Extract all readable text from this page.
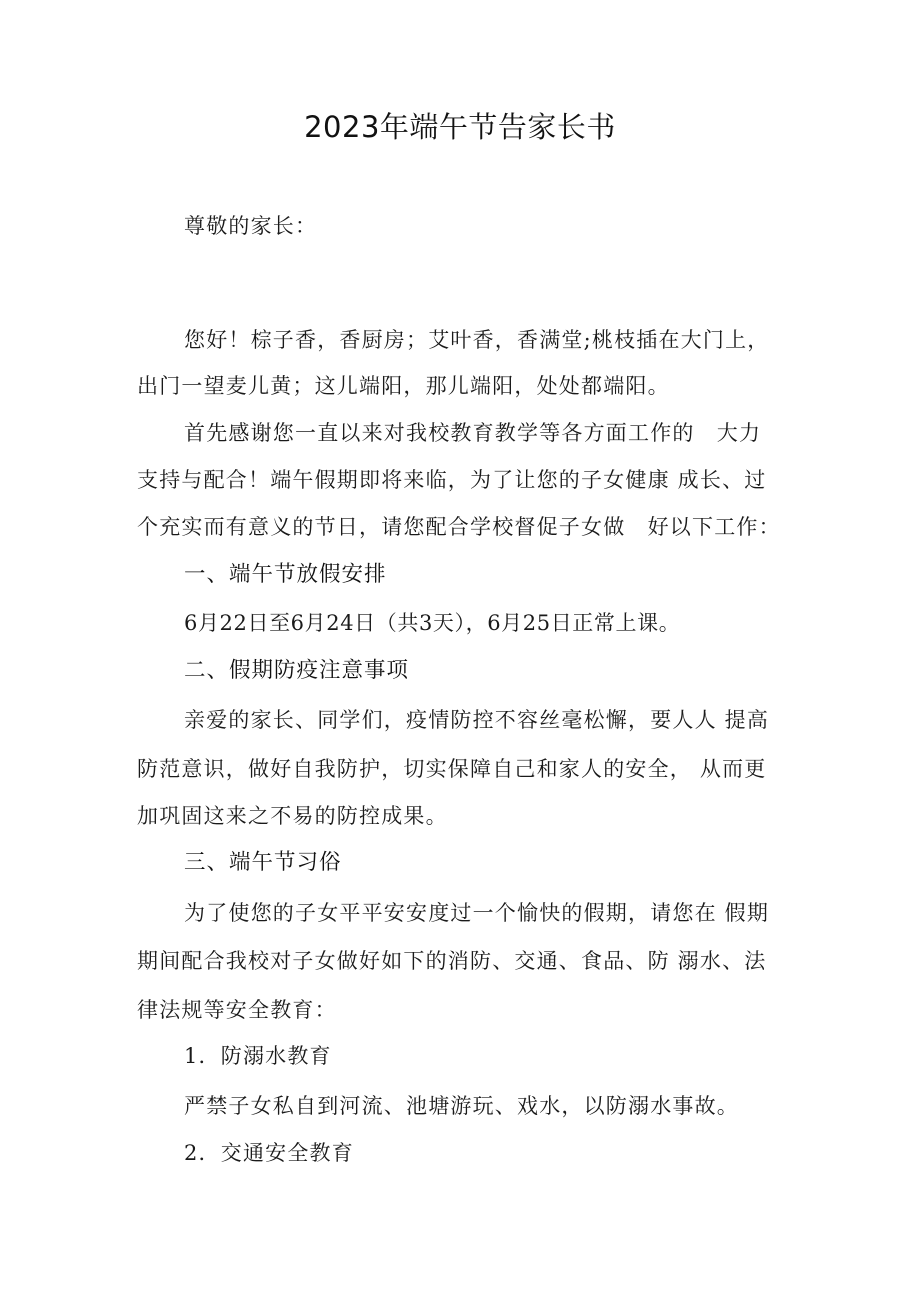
2023年端午节告家长书
尊敬的家长：
您好！棕子香，香厨房；艾叶香，香满堂;桃枝插在大门上，
出门一望麦儿黄；这儿端阳，那儿端阳，处处都端阳。
首先感谢您一直以来对我校教育教学等各方面工作的　大力
支持与配合！端午假期即将来临，为了让您的子女健康 成长、过
个充实而有意义的节日，请您配合学校督促子女做　好以下工作：
一、端午节放假安排
6月22日至6月24日（共3天），6月25日正常上课。
二、假期防疫注意事项
亲爱的家长、同学们，疫情防控不容丝毫松懈，要人人 提高
防范意识，做好自我防护，切实保障自己和家人的安全， 从而更
加巩固这来之不易的防控成果。
三、端午节习俗
为了使您的子女平平安安度过一个愉快的假期，请您在 假期
期间配合我校对子女做好如下的消防、交通、食品、防 溺水、法
律法规等安全教育：
1．防溺水教育
严禁子女私自到河流、池塘游玩、戏水，以防溺水事故。
2．交通安全教育
